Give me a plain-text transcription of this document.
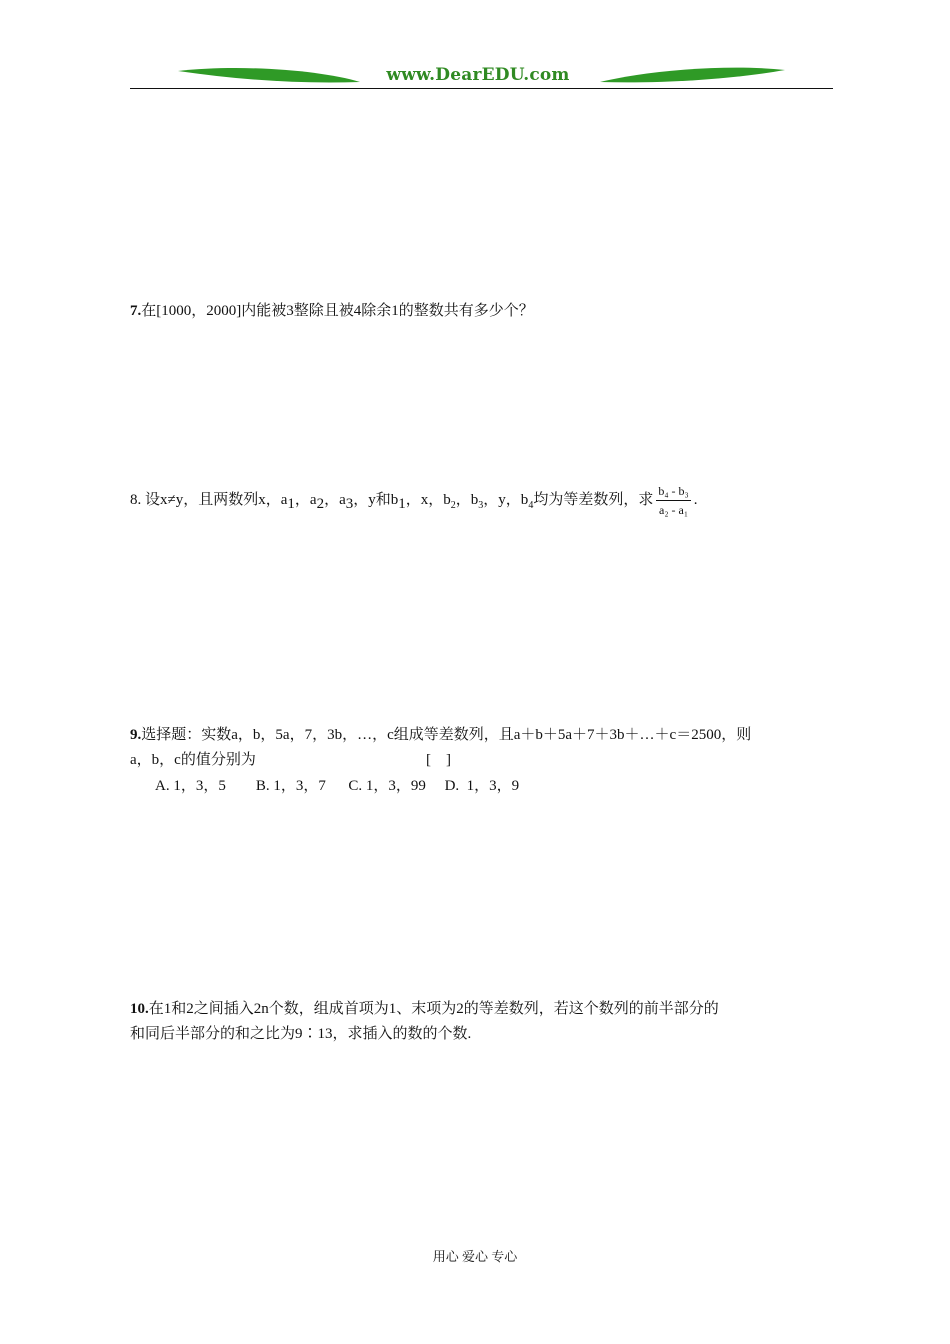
www.DearEDU.com
7.在[1000，2000]内能被3整除且被4除余1的整数共有多少个？
8. 设x≠y，且两数列x，a1，a2，a3，y和b1，x，$b_2$，$b_3$，y，$b_4$均为等差数列，求 $\frac{\text{b₄ - b₃}}{\text{a₂ - a₁}}$ .
9.选择题：实数a，b，5a，7，3b，…，c组成等差数列，且a＋b＋5a＋7＋3b＋…＋c＝2500，则
a，b，c的值分别为	[    ]
A. 1，3，5        B. 1，3，7      C. 1，3，99     D.  1，3，9
10.在1和2之间插入2n个数，组成首项为1、末项为2的等差数列，若这个数列的前半部分的
和同后半部分的和之比为9∶13，求插入的数的个数.
用心 爱心 专心
